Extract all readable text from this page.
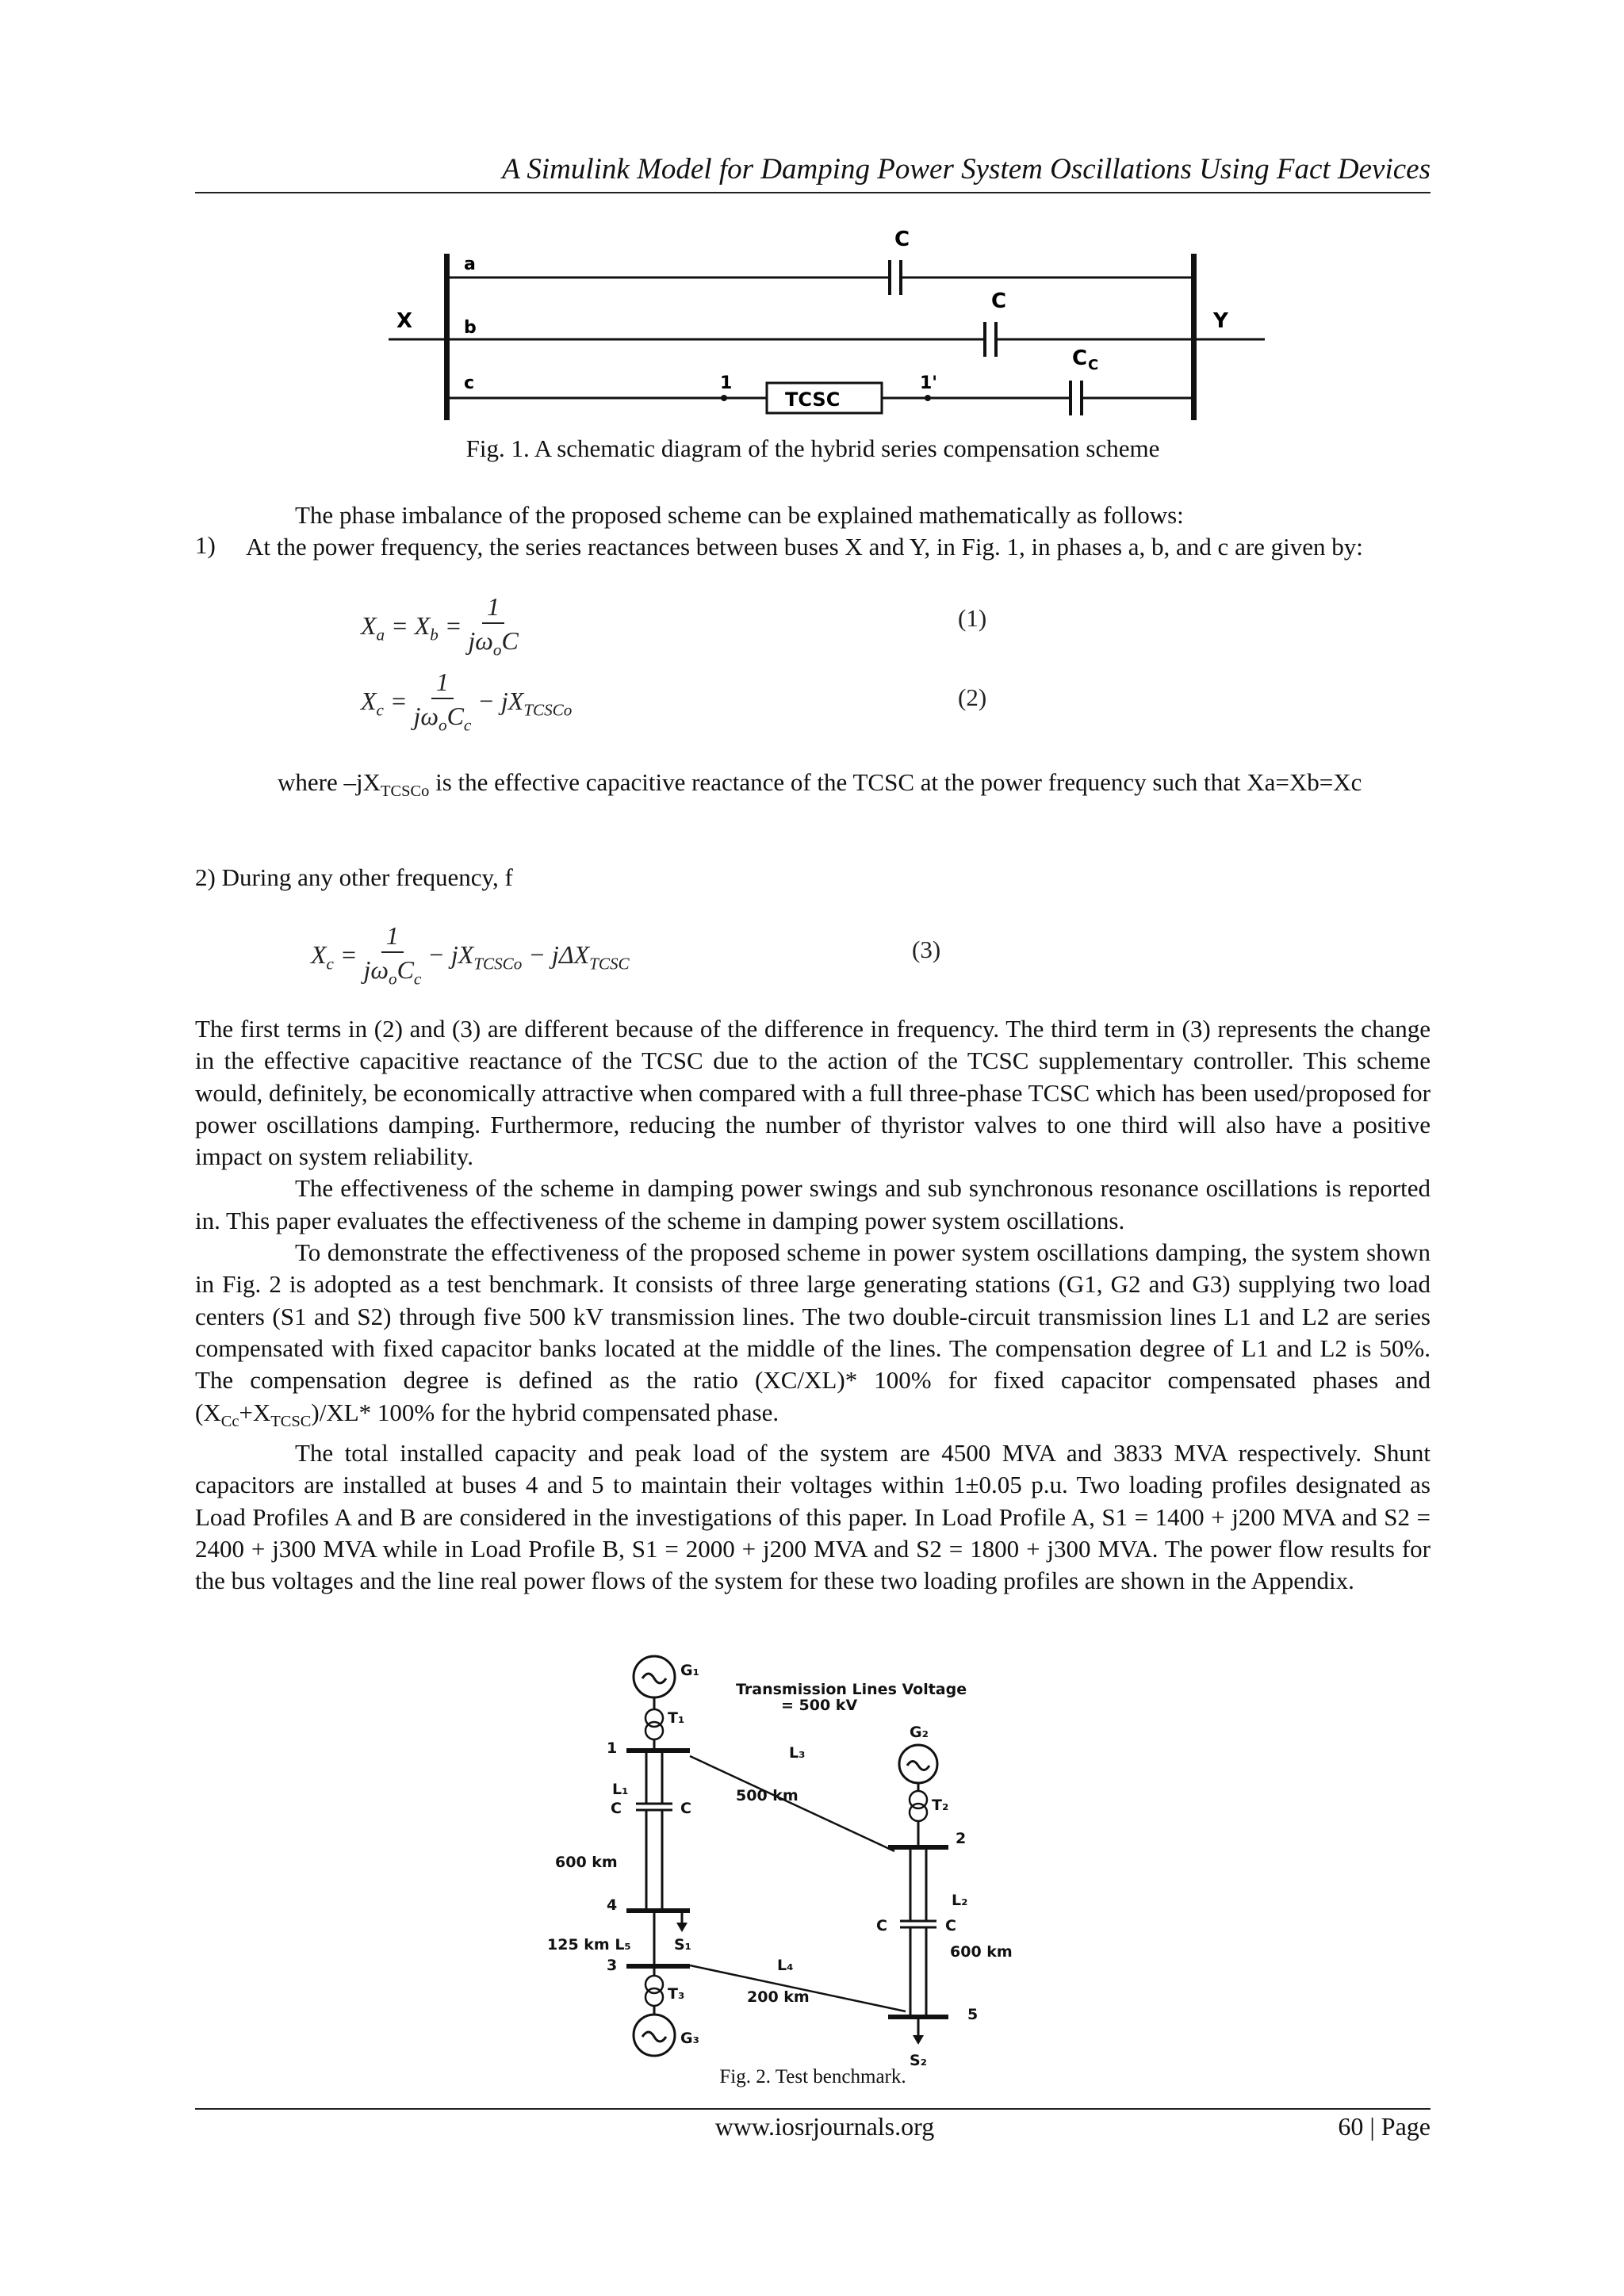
A Simulink Model for Damping Power System Oscillations Using Fact Devices
X	Y
a
C
b
C
TCSC
c	1	1'
C C
Fig. 1. A schematic diagram of the hybrid series compensation scheme

The phase imbalance of the proposed scheme can be explained mathematically as follows:

1) At the power frequency, the series reactances between buses X and Y, in Fig. 1, in phases a, b, and c are given by:

$X_a = X_b = \frac{1}{j\omega_oC}$	(1)
$X_c = \frac{1}{j\omega_oC_c} - jX_{TCSCo}$	(2)

where $-jX_{TCSCo}$ is the effective capacitive reactance of the TCSC at the power frequency such that Xa=Xb=Xc

2) During any other frequency, f

$X_c = \frac{1}{j\omega_oC_c} - jX_{TCSCo} - j\Delta X_{TCSC}$
(3)

The first terms in (2) and (3) are different because of the difference in frequency. The third term in (3) represents the change in the effective capacitive reactance of the TCSC due to the action of the TCSC supplementary controller. This scheme would, definitely, be economically attractive when compared with a full three-phase TCSC which has been used/proposed for power oscillations damping. Furthermore, reducing the number of thyristor valves to one third will also have a positive impact on system reliability.

The effectiveness of the scheme in damping power swings and sub synchronous resonance oscillations is reported in. This paper evaluates the effectiveness of the scheme in damping power system oscillations.

To demonstrate the effectiveness of the proposed scheme in power system oscillations damping, the system shown in Fig. 2 is adopted as a test benchmark. It consists of three large generating stations (G1, G2 and G3) supplying two load centers (S1 and S2) through five 500 kV transmission lines. The two double-circuit transmission lines L1 and L2 are series compensated with fixed capacitor banks located at the middle of the lines. The compensation degree of L1 and L2 is 50%. The compensation degree is defined as the ratio (XC/XL)* 100% for fixed capacitor compensated phases and $(X_{Cc}+X_{TCSC})/XL*$ 100% for the hybrid compensated phase.

The total installed capacity and peak load of the system are 4500 MVA and 3833 MVA respectively. Shunt capacitors are installed at buses 4 and 5 to maintain their voltages within 1±0.05 p.u. Two loading profiles designated as Load Profiles A and B are considered in the investigations of this paper. In Load Profile A, S1 = 1400 + j200 MVA and S2 = 2400 + j300 MVA while in Load Profile B, S1 = 2000 + j200 MVA and S2 = 1800 + j300 MVA. The power flow results for the bus voltages and the line real power flows of the system for these two loading profiles are shown in the Appendix.

G₁
T₁
Transmission Lines Voltage
= 500 kV
1
L₁
C	C
600 km
L₃
500 km
G₂
T₂
2
L₂
C	C
600 km
4
S₁
125 km L₅
3	L₄
200 km
T₃
G₃
5
S₂
Fig. 2. Test benchmark.
www.iosrjournals.org	60 | Page
